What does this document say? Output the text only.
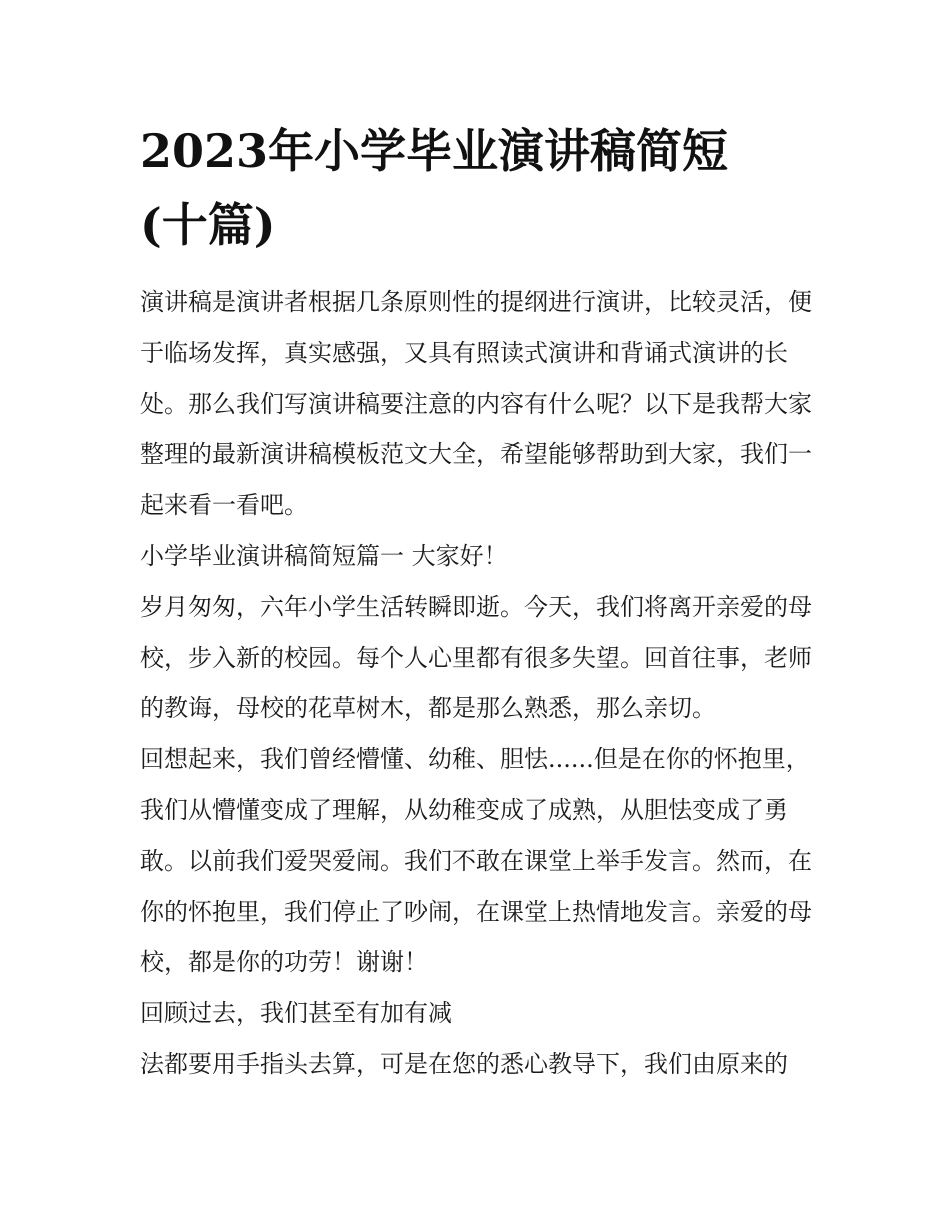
2023年小学毕业演讲稿简短
(十篇)

演讲稿是演讲者根据几条原则性的提纲进行演讲，比较灵活，便于临场发挥，真实感强，又具有照读式演讲和背诵式演讲的长处。那么我们写演讲稿要注意的内容有什么呢？以下是我帮大家整理的最新演讲稿模板范文大全，希望能够帮助到大家，我们一起来看一看吧。

小学毕业演讲稿简短篇一 大家好！

岁月匆匆，六年小学生活转瞬即逝。今天，我们将离开亲爱的母校，步入新的校园。每个人心里都有很多失望。回首往事，老师的教诲，母校的花草树木，都是那么熟悉，那么亲切。

回想起来，我们曾经懵懂、幼稚、胆怯......但是在你的怀抱里，我们从懵懂变成了理解，从幼稚变成了成熟，从胆怯变成了勇敢。以前我们爱哭爱闹。我们不敢在课堂上举手发言。然而，在你的怀抱里，我们停止了吵闹，在课堂上热情地发言。亲爱的母校，都是你的功劳！谢谢！

回顾过去，我们甚至有加有减

法都要用手指头去算，可是在您的悉心教导下，我们由原来的
